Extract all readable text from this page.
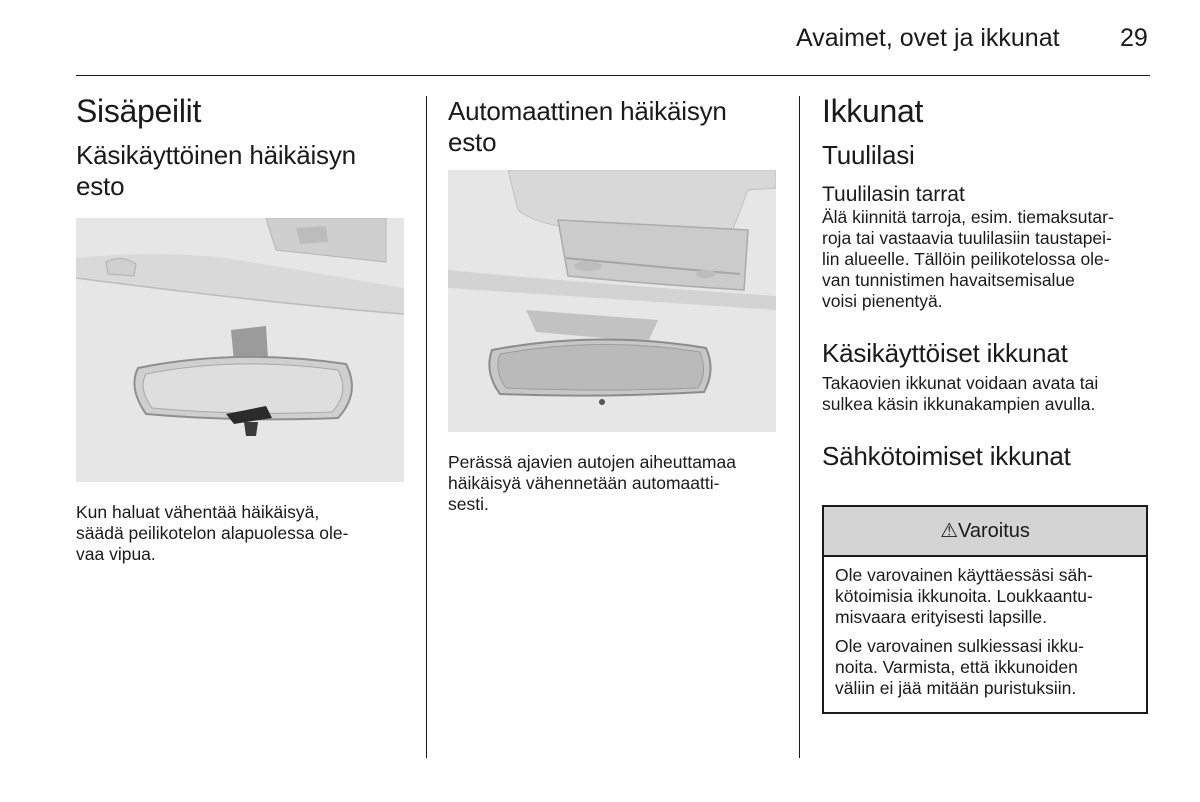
Avaimet, ovet ja ikkunat 29
Sisäpeilit
Käsikäyttöinen häikäisyn
esto

Kun haluat vähentää häikäisyä,
säädä peilikotelon alapuolessa ole-
vaa vipua.

Automaattinen häikäisyn
esto

Perässä ajavien autojen aiheuttamaa
häikäisyä vähennetään automaatti-
sesti.

Ikkunat
Tuulilasi
Tuulilasin tarrat

Älä kiinnitä tarroja, esim. tiemaksutar-
roja tai vastaavia tuulilasiin taustapei-
lin alueelle. Tällöin peilikotelossa ole-
van tunnistimen havaitsemisalue
voisi pienentyä.

Käsikäyttöiset ikkunat

Takaovien ikkunat voidaan avata tai
sulkea käsin ikkunakampien avulla.

Sähkötoimiset ikkunat
⚠Varoitus

Ole varovainen käyttäessäsi säh-
kötoimisia ikkunoita. Loukkaantu-
misvaara erityisesti lapsille.

Ole varovainen sulkiessasi ikku-
noita. Varmista, että ikkunoiden
väliin ei jää mitään puristuksiin.
